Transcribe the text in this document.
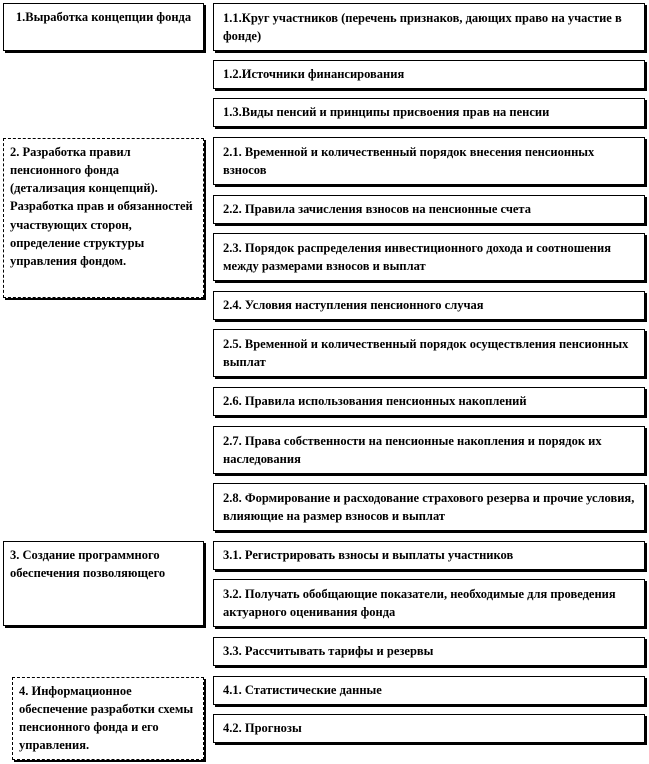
1.Выработка концепции фонда	1.1.Круг участников (перечень признаков, дающих право на участие в фонде)
1.2.Источники финансирования
1.3.Виды пенсий и принципы присвоения прав на пенсии
2. Разработка правил пенсионного фонда (детализация концепций). Разработка прав и обязанностей участвующих сторон, определение структуры управления фондом.
2.1. Временной и количественный порядок внесения пенсионных взносов
2.2. Правила зачисления взносов на пенсионные счета
2.3. Порядок распределения инвестиционного дохода и соотношения между размерами взносов и выплат
2.4. Условия наступления пенсионного случая
2.5. Временной и количественный порядок осуществления пенсионных выплат
2.6. Правила использования пенсионных накоплений
2.7. Права собственности на пенсионные накопления и порядок их наследования
2.8. Формирование и расходование страхового резерва и прочие условия, влияющие на размер взносов и выплат
3. Создание программного обеспечения позволяющего
3.1. Регистрировать взносы и выплаты участников
3.2. Получать обобщающие показатели, необходимые для проведения актуарного оценивания фонда
3.3. Рассчитывать тарифы и резервы
4. Информационное обеспечение разработки схемы пенсионного фонда и его управления.
4.1. Статистические данные
4.2. Прогнозы
